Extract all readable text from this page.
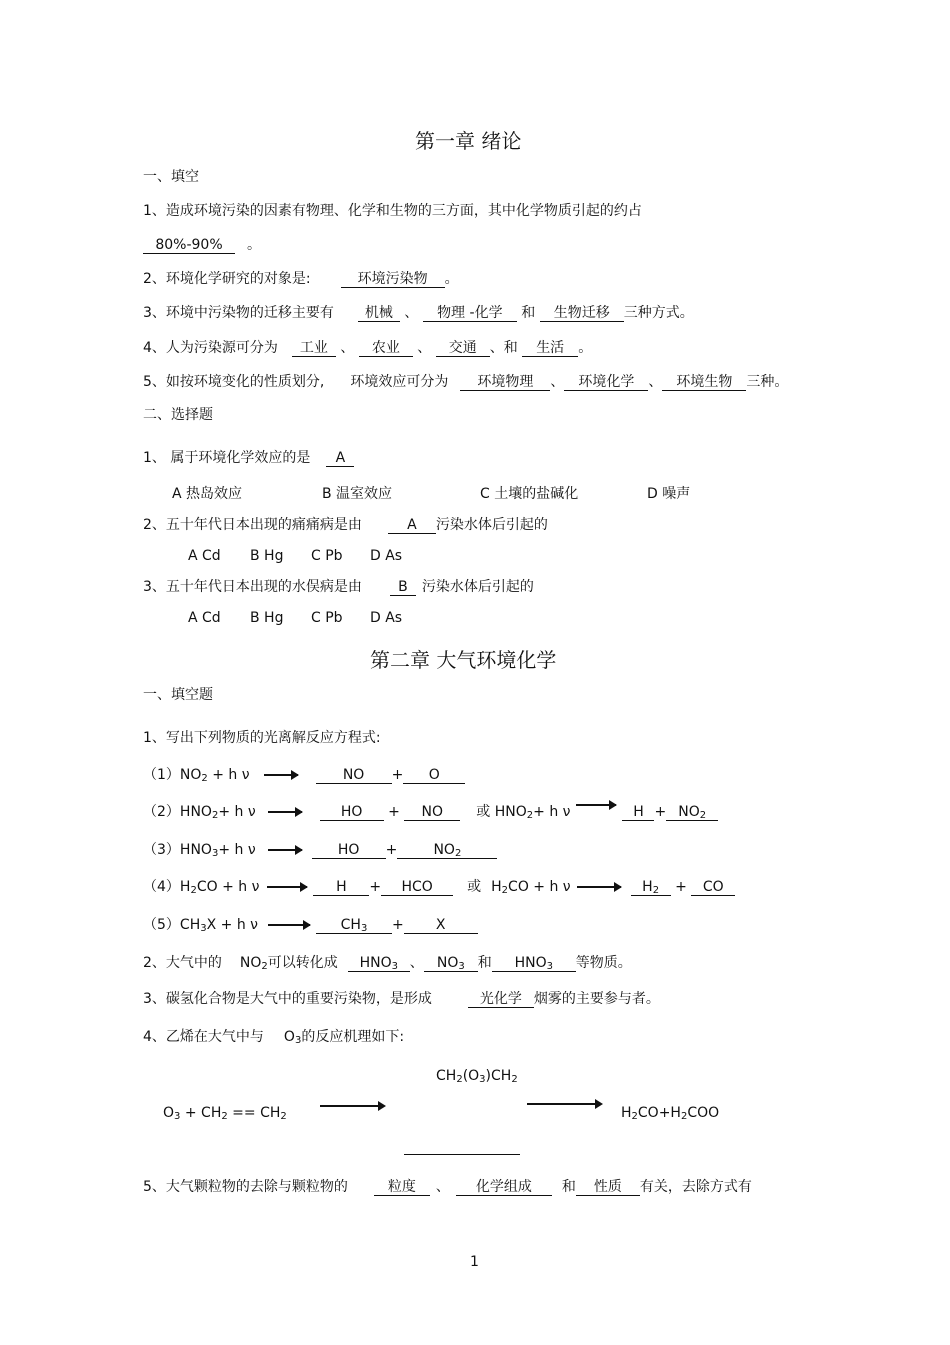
第一章 绪论
一、填空
1、造成环境污染的因素有物理、化学和生物的三方面，其中化学物质引起的约占
80%-90% 。
2、环境化学研究的对象是:	环境污染物 。
3、环境中污染物的迁移主要有 机械 、 物理 -化学 和 生物迁移 三种方式。
4、人为污染源可分为 工业 、 农业 、 交通 、和 生活 。
5、如按环境变化的性质划分, 环境效应可分为 环境物理 、 环境化学 、 环境生物 三种。
二、选择题
1、 属于环境化学效应的是 A
A 热岛效应	B 温室效应	C 土壤的盐碱化	D 噪声
2、五十年代日本出现的痛痛病是由	A 污染水体后引起的
A Cd B Hg C Pb D As
3、五十年代日本出现的水俣病是由	B 污染水体后引起的
A Cd B Hg C Pb D As
第二章 大气环境化学
一、填空题
1、写出下列物质的光离解反应方程式:
$(1)NO_2 + h$ ν	NO + O
$(2)HNO_2+ h$ ν	HO + NO 或 $HNO_2+ h$ ν	$H + NO_2$
$(3)HNO_3+ h$ ν	HO +	$NO_2$
$(4)H_2CO + h$ ν	H + HCO 或 $H_2CO + h$ ν	$H_2$ + CO
$(5)CH_3X + h$ ν	$CH_3 + X$
2、大气中的 $NO_2$可以转化成 $HNO_3$ 、 $NO_3$ 和 $HNO_3$ 等物质。
3、碳氢化合物是大气中的重要污染物，是形成	光化学 烟雾的主要参与者。
4、乙烯在大气中与 $O_3$的反应机理如下:
$CH_2(O_3)CH_2$
$O_3 + CH_2 == CH_2$	$H_2CO+H_2COO$
5、大气颗粒物的去除与颗粒物的	粒度 、 化学组成 和 性质 有关，去除方式有
1
